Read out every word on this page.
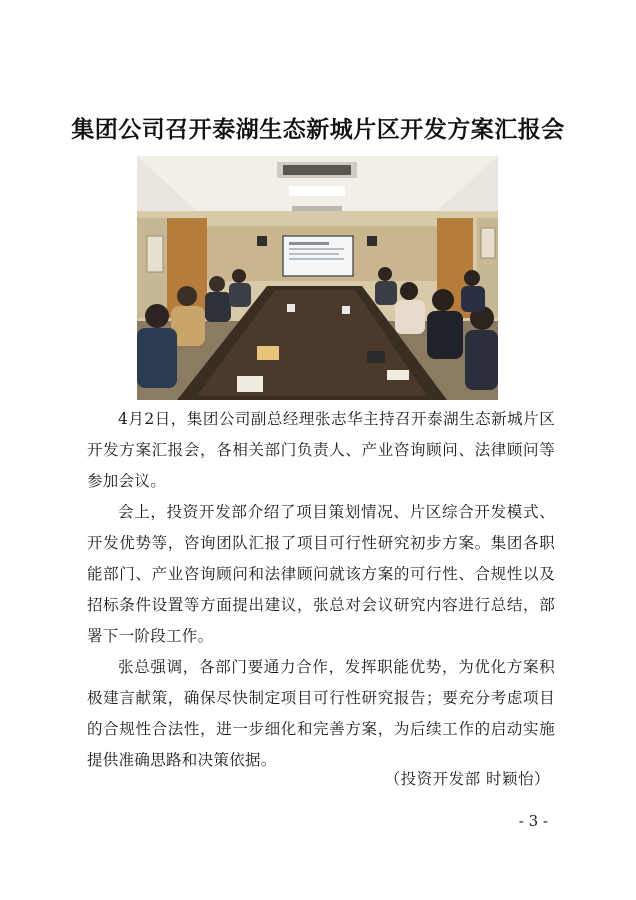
集团公司召开泰湖生态新城片区开发方案汇报会

4月2日，集团公司副总经理张志华主持召开泰湖生态新城片区开发方案汇报会，各相关部门负责人、产业咨询顾问、法律顾问等参加会议。

会上，投资开发部介绍了项目策划情况、片区综合开发模式、开发优势等，咨询团队汇报了项目可行性研究初步方案。集团各职能部门、产业咨询顾问和法律顾问就该方案的可行性、合规性以及招标条件设置等方面提出建议，张总对会议研究内容进行总结，部署下一阶段工作。

张总强调，各部门要通力合作，发挥职能优势，为优化方案积极建言献策，确保尽快制定项目可行性研究报告；要充分考虑项目的合规性合法性，进一步细化和完善方案，为后续工作的启动实施提供准确思路和决策依据。

（投资开发部 时颖怡）
- 3 -
